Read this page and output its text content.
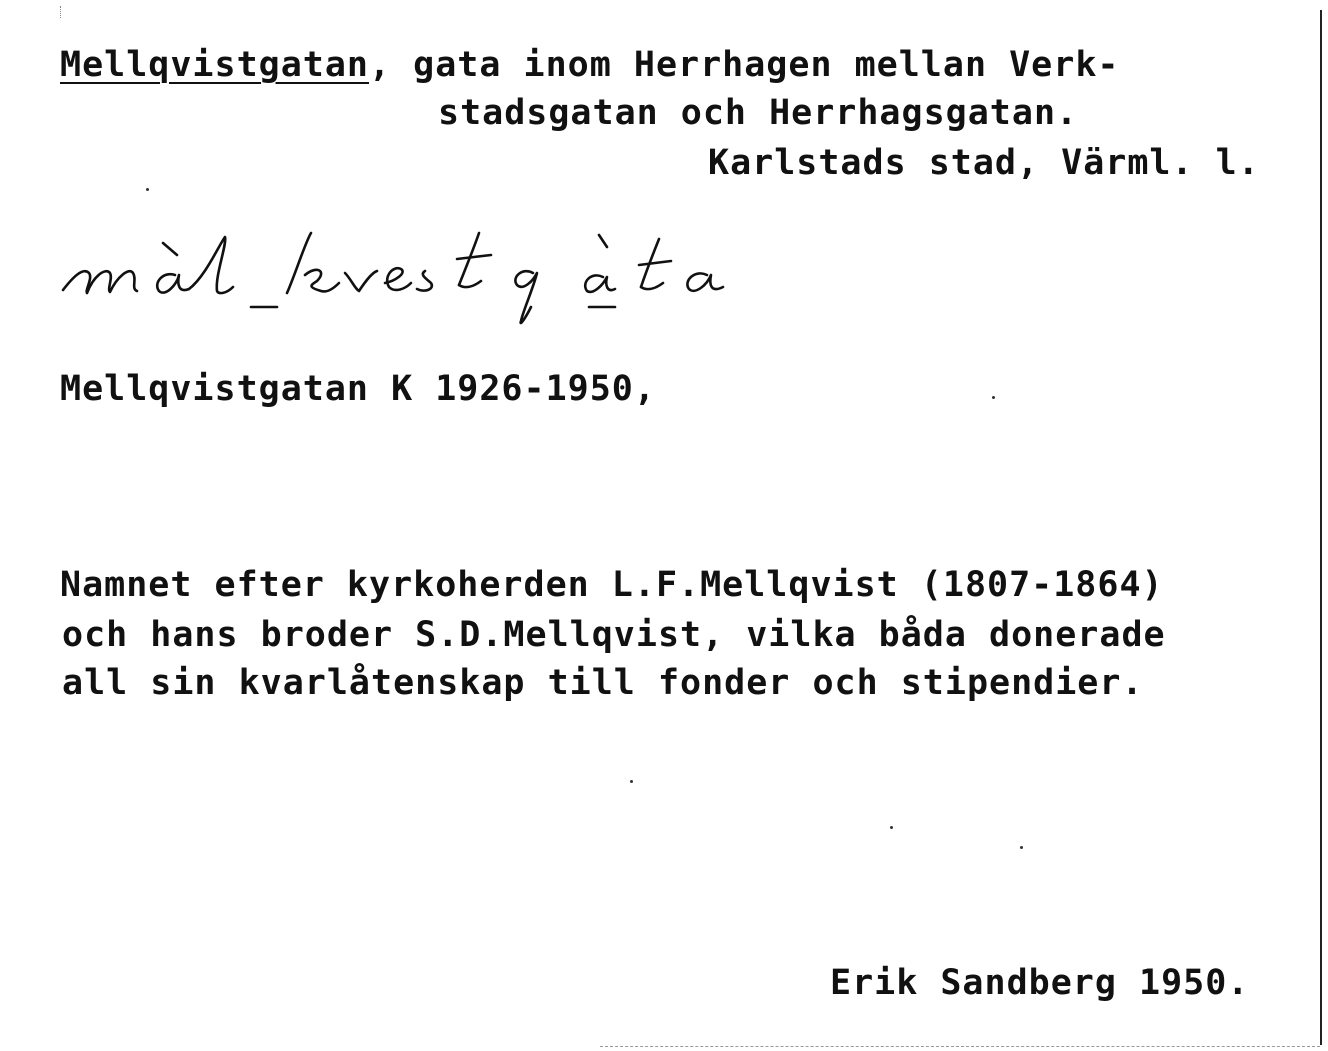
Mellqvistgatan, gata inom Herrhagen mellan Verk-
stadsgatan och Herrhagsgatan.
Karlstads stad, Värml. l.
Mellqvistgatan K 1926-1950,
Namnet efter kyrkoherden L.F.Mellqvist (1807-1864)
och hans broder S.D.Mellqvist, vilka båda donerade
all sin kvarlåtenskap till fonder och stipendier.
Erik Sandberg 1950.
